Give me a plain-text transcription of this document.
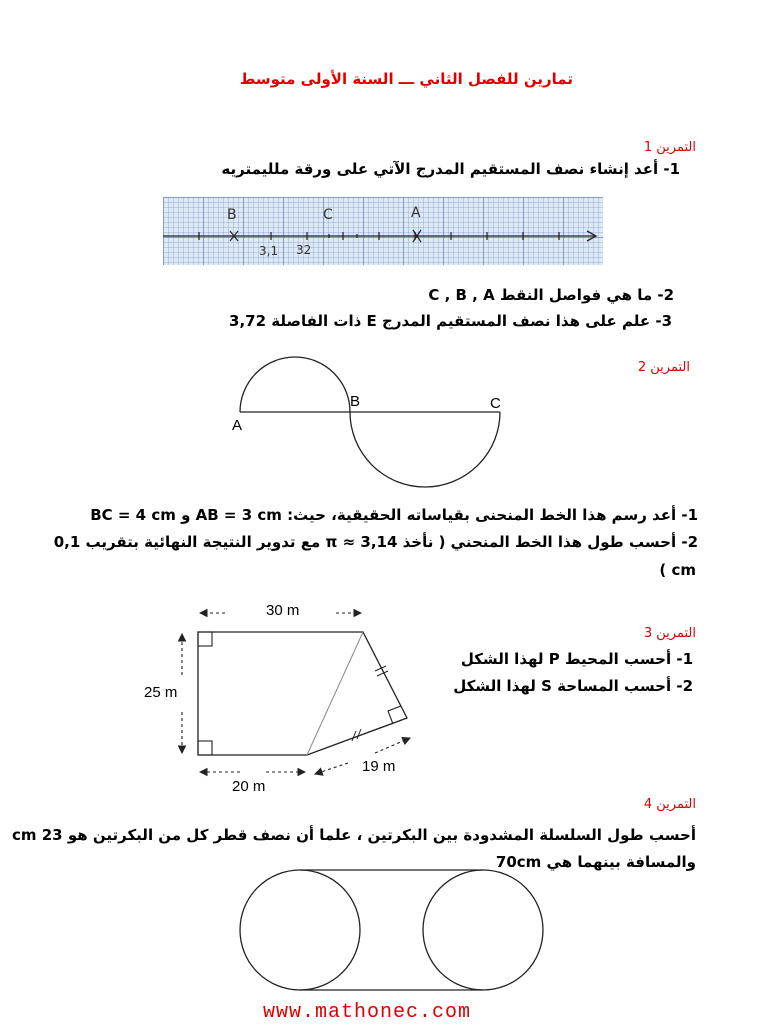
تمارين للفصل الثاني ـــ السنة الأولى متوسط
التمرين 1
1- أعد إنشاء نصف المستقيم المدرج الآتي على ورقة ملليمتريه
B	C	A
3,1 32
2- ما هي فواصل النقط C , B , A
3- علم على هذا نصف المستقيم المدرج E ذات الفاصلة 3,72
التمرين 2
A
B	C
1- أعد رسم هذا الخط المنحنى بقياساته الحقيقية، حيث: AB = 3 cm و BC = 4 cm
2- أحسب طول هذا الخط المنحني ( نأخذ 3,14 ≈ π مع تدوير النتيجة النهائية بتقريب 0,1
( cm
30 m
25 m
20 m
19 m
التمرين 3
1- أحسب المحيط P لهذا الشكل
2- أحسب المساحة S لهذا الشكل
التمرين 4
أحسب طول السلسلة المشدودة بين البكرتين ، علما أن نصف قطر كل من البكرتين هو 23 cm
والمسافة بينهما هي 70cm
www.mathonec.com
